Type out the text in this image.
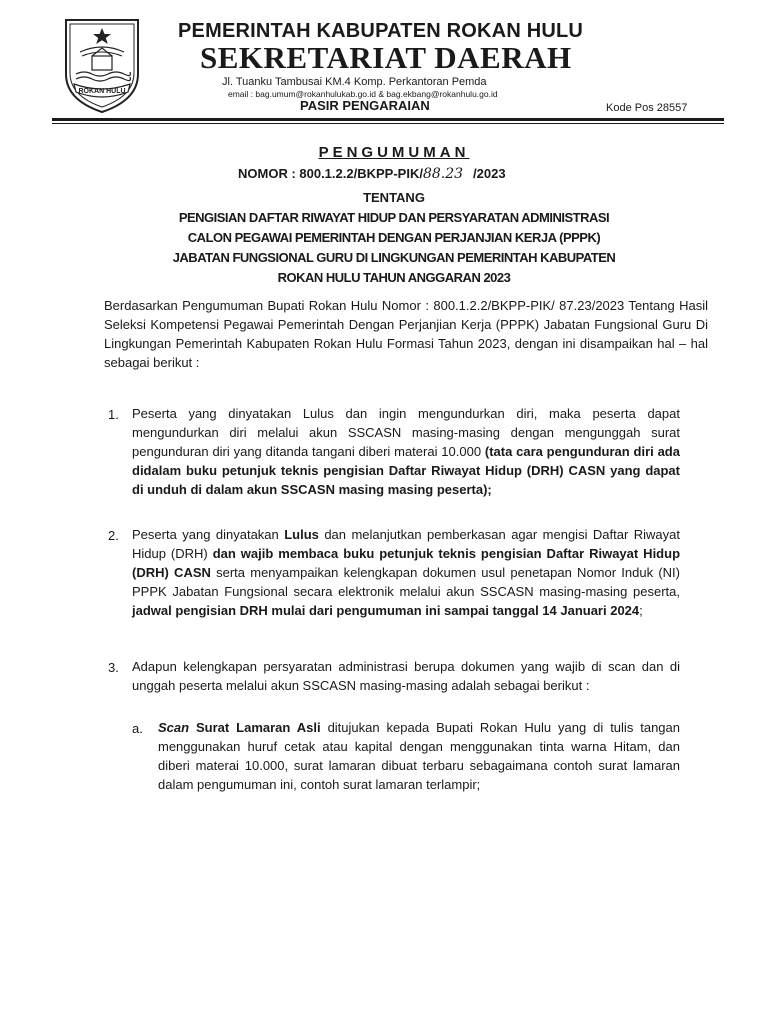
ROKAN HULU
PEMERINTAH KABUPATEN ROKAN HULU
SEKRETARIAT DAERAH
Jl. Tuanku Tambusai KM.4 Komp. Perkantoran Pemda
email : bag.umum@rokanhulukab.go.id & bag.ekbang@rokanhulu.go.id
PASIR PENGARAIAN	Kode Pos 28557
PENGUMUMAN
NOMOR : 800.1.2.2/BKPP-PIK/88.23 /2023
TENTANG
PENGISIAN DAFTAR RIWAYAT HIDUP DAN PERSYARATAN ADMINISTRASI
CALON PEGAWAI PEMERINTAH DENGAN PERJANJIAN KERJA (PPPK)
JABATAN FUNGSIONAL GURU DI LINGKUNGAN PEMERINTAH KABUPATEN
ROKAN HULU TAHUN ANGGARAN 2023
Berdasarkan Pengumuman Bupati Rokan Hulu Nomor : 800.1.2.2/BKPP-PIK/ 87.23/2023 Tentang Hasil Seleksi Kompetensi Pegawai Pemerintah Dengan Perjanjian Kerja (PPPK) Jabatan Fungsional Guru Di Lingkungan Pemerintah Kabupaten Rokan Hulu Formasi Tahun 2023, dengan ini disampaikan hal – hal sebagai berikut :
1. Peserta yang dinyatakan Lulus dan ingin mengundurkan diri, maka peserta dapat mengundurkan diri melalui akun SSCASN masing-masing dengan mengunggah surat pengunduran diri yang ditanda tangani diberi materai 10.000 (tata cara pengunduran diri ada didalam buku petunjuk teknis pengisian Daftar Riwayat Hidup (DRH) CASN yang dapat di unduh di dalam akun SSCASN masing masing peserta);
2. Peserta yang dinyatakan Lulus dan melanjutkan pemberkasan agar mengisi Daftar Riwayat Hidup (DRH) dan wajib membaca buku petunjuk teknis pengisian Daftar Riwayat Hidup (DRH) CASN serta menyampaikan kelengkapan dokumen usul penetapan Nomor Induk (NI) PPPK Jabatan Fungsional secara elektronik melalui akun SSCASN masing-masing peserta, jadwal pengisian DRH mulai dari pengumuman ini sampai tanggal 14 Januari 2024;
3. Adapun kelengkapan persyaratan administrasi berupa dokumen yang wajib di scan dan di unggah peserta melalui akun SSCASN masing-masing adalah sebagai berikut :
a. Scan Surat Lamaran Asli ditujukan kepada Bupati Rokan Hulu yang di tulis tangan menggunakan huruf cetak atau kapital dengan menggunakan tinta warna Hitam, dan diberi materai 10.000, surat lamaran dibuat terbaru sebagaimana contoh surat lamaran dalam pengumuman ini, contoh surat lamaran terlampir;
